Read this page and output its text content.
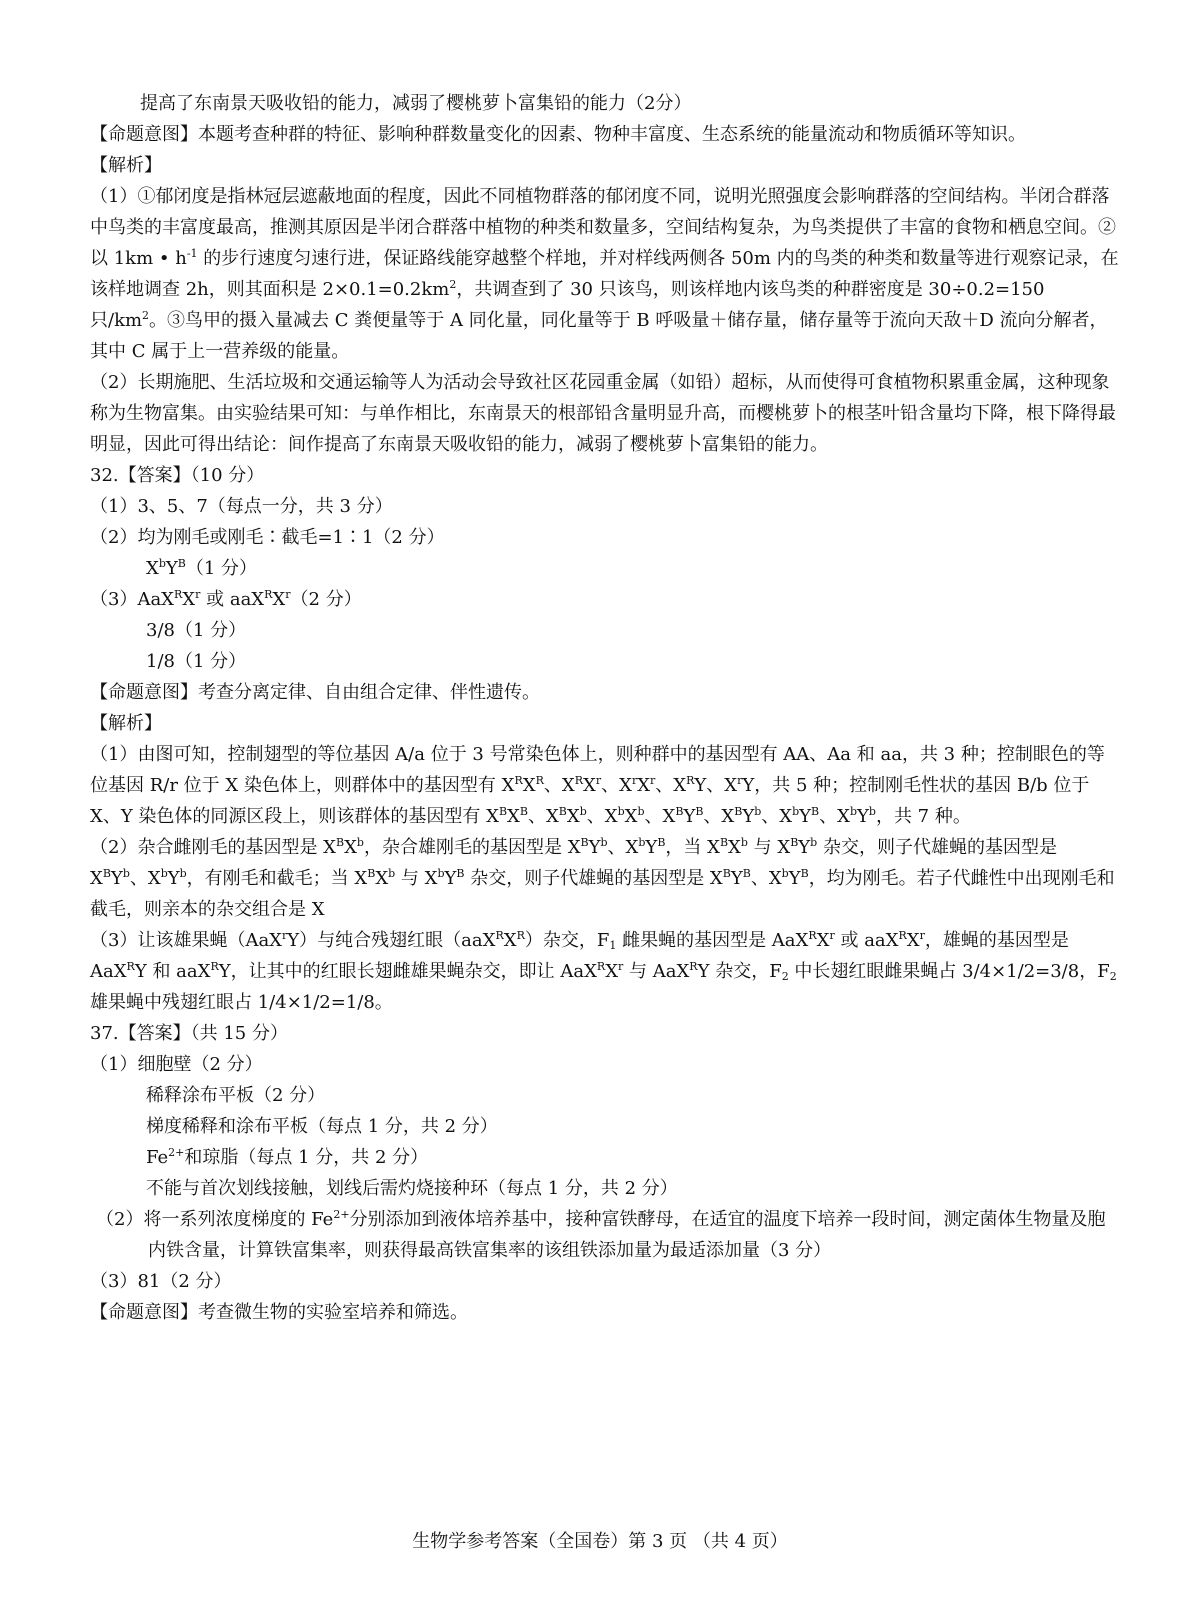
提高了东南景天吸收铅的能力，减弱了樱桃萝卜富集铅的能力（2分）

【命题意图】本题考查种群的特征、影响种群数量变化的因素、物种丰富度、生态系统的能量流动和物质循环等知识。

【解析】

（1）①郁闭度是指林冠层遮蔽地面的程度，因此不同植物群落的郁闭度不同，说明光照强度会影响群落的空间结构。半闭合群落中鸟类的丰富度最高，推测其原因是半闭合群落中植物的种类和数量多，空间结构复杂，为鸟类提供了丰富的食物和栖息空间。②以 1km • $h^{-1}$ 的步行速度匀速行进，保证路线能穿越整个样地，并对样线两侧各 50m 内的鸟类的种类和数量等进行观察记录，在该样地调查 2h，则其面积是 $2\times 0.1=0.2km^2$，共调查到了 30 只该鸟，则该样地内该鸟类的种群密度是 30÷0.2=150 只$/km^2$。③鸟甲的摄入量减去 C 粪便量等于 A 同化量，同化量等于 B 呼吸量＋储存量，储存量等于流向天敌＋D 流向分解者，其中 C 属于上一营养级的能量。

（2）长期施肥、生活垃圾和交通运输等人为活动会导致社区花园重金属（如铅）超标，从而使得可食植物积累重金属，这种现象称为生物富集。由实验结果可知：与单作相比，东南景天的根部铅含量明显升高，而樱桃萝卜的根茎叶铅含量均下降，根下降得最明显，因此可得出结论：间作提高了东南景天吸收铅的能力，减弱了樱桃萝卜富集铅的能力。

32.【答案】（10 分）

（1）3、5、7（每点一分，共 3 分）

（2）均为刚毛或刚毛∶截毛=1∶1（2 分）

$X^bY^B(1$ 分）

$(3)AaX^RX^r$ 或 $aaX^RX^r(2$ 分）

3/8（1 分）

1/8（1 分）

【命题意图】考查分离定律、自由组合定律、伴性遗传。

【解析】

（1）由图可知，控制翅型的等位基因 A/a 位于 3 号常染色体上，则种群中的基因型有 AA、Aa 和 aa，共 3 种；控制眼色的等位基因 R/r 位于 X 染色体上，则群体中的基因型有 $X^RX^R$、$X^RX^r$、$X^rX^r$、$X^RY$、$X^rY$，共 5 种；控制刚毛性状的基因 B/b 位于 X、Y 染色体的同源区段上，则该群体的基因型有 $X^BX^B$、$X^BX^b$、$X^bX^b$、$X^BY^B$、$X^BY^b$、$X^bY^B$、$X^bY^b$，共 7 种。

（2）杂合雌刚毛的基因型是 $X^BX^b$，杂合雄刚毛的基因型是 $X^BY^b$、$X^bY^B$，当 $X^BX^b$ 与 $X^BY^b$ 杂交，则子代雄蝇的基因型是 $X^BY^b$、$X^bY^b$，有刚毛和截毛；当 $X^BX^b$ 与 $X^bY^B$ 杂交，则子代雄蝇的基因型是 $X^BY^B$、$X^bY^B$，均为刚毛。若子代雌性中出现刚毛和截毛，则亲本的杂交组合是 X

（3）让该雄果蝇（AaX$^r$Y）与纯合残翅红眼$(aaX^RX^R)$杂交，$F_1$ 雌果蝇的基因型是 $AaX^RX^r$ 或 $aaX^RX^r$，雄蝇的基因型是 AaX$^R$Y 和 aaX$^R$Y，让其中的红眼长翅雌雄果蝇杂交，即让 $AaX^RX^r$ 与 AaX$^R$Y 杂交，$F_2$ 中长翅红眼雌果蝇占 3/4×1/2=3/8，$F_2$ 雄果蝇中残翅红眼占 1/4×1/2=1/8。

37.【答案】（共 15 分）

（1）细胞壁（2 分）

稀释涂布平板（2 分）

梯度稀释和涂布平板（每点 1 分，共 2 分）

$Fe^{2+}$和琼脂（每点 1 分，共 2 分）

不能与首次划线接触，划线后需灼烧接种环（每点 1 分，共 2 分）

（2）将一系列浓度梯度的 $Fe^{2+}$分别添加到液体培养基中，接种富铁酵母，在适宜的温度下培养一段时间，测定菌体生物量及胞内铁含量，计算铁富集率，则获得最高铁富集率的该组铁添加量为最适添加量（3 分）

（3）81（2 分）

【命题意图】考查微生物的实验室培养和筛选。

生物学参考答案（全国卷）第 3 页 （共 4 页）
